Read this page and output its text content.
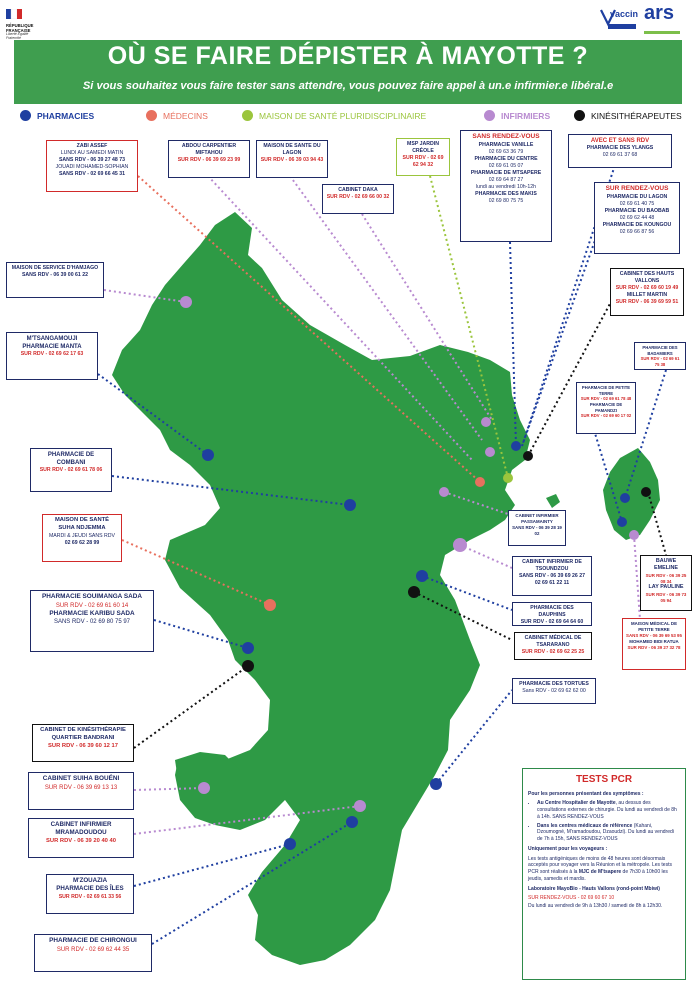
RÉPUBLIQUE FRANÇAISE
Liberté Égalité Fraternité
vaccin ars
OÙ SE FAIRE DÉPISTER À MAYOTTE ?
Si vous souhaitez vous faire tester sans attendre, vous pouvez faire appel à un.e infirmier.e libéral.e
PHARMACIES	MÉDECINS	MAISON DE SANTÉ PLURIDISCIPLINAIRE	INFIRMIERS	KINÉSITHÉRAPEUTES
ZABI ASSEF
LUNDI AU SAMEDI MATIN
SANS RDV - 06 39 27 48 73
JOUADI MOHAMED-SOPHIAN
SANS RDV - 02 69 66 45 31
ABDOU CARPENTIER MIFTAHOU
SUR RDV - 06 39 69 23 99
MAISON DE SANTE DU LAGON
SUR RDV - 06 39 03 94 43
CABINET DAKA
SUR RDV - 02 69 66 00 32
MSP JARDIN CRÉOLE
SUR RDV - 02 69 62 94 32
SANS RENDEZ-VOUS
PHARMACIE VANILLE
02 69 63 36 79
PHARMACIE DU CENTRE
02 69 61 05 07
PHARMACIE DE MTSAPERE
02 69 64 87 27
lundi au vendredi 10h-12h
PHARMACIE DES MAKIS
02 69 80 75 75
AVEC ET SANS RDV
PHARMACIE DES YLANGS
02 69 61 37 68
SUR RENDEZ-VOUS
PHARMACIE DU LAGON
02 69 61 40 75
PHARMACIE DU BAOBAB
02 69 62 44 48
PHARMACIE DE KOUNGOU
02 69 66 87 56
CABINET DES HAUTS VALLONS
SUR RDV - 02 69 60 19 49
MILLET MARTIN
SUR RDV - 06 39 69 59 51
PHARMACIE DES BADAMIERS
SUR RDV - 02 69 61 75 38
PHARMACIE DE PETITE TERRE
SUR RDV - 02 69 61 78 48
PHARMACIE DE PAMANDZI
SUR RDV - 02 69 60 17 02
MAISON DE SERVICE D'HAMJAGO
SANS RDV - 06 39 00 61 22
M'TSANGAMOUJI
PHARMACIE MANTA
SUR RDV - 02 69 62 17 63
PHARMACIE DE COMBANI
SUR RDV - 02 69 61 78 06
MAISON DE SANTÉ SUHA NDJEMMA
MARDI & JEUDI SANS RDV
02 69 62 28 99
CABINET INFIRMIER PASSAMAINTY
SANS RDV - 06 39 28 19 02
CABINET INFIRMIER DE TSOUNDZOU
SANS RDV - 06 39 69 26 27
02 69 61 22 11
PHARMACIE SOUIMANGA SADA
SUR RDV - 02 69 61 60 14
PHARMACIE KARIBU SADA
SANS RDV - 02 69 80 75 97
PHARMACIE DES DAUPHINS
SUR RDV - 02 69 64 64 60
CABINET MÉDICAL DE TSARARANO
SUR RDV - 02 69 62 25 25
BAUWE EMELINE
SUR RDV - 06 39 25 08 34
LAY PAULINE
SUR RDV - 06 39 73 05 94
MAISON MÉDICAL DE PETITE TERRE
SANS RDV - 06 39 69 53 95
MOHAMED BIDI RATUA
SUR RDV - 06 39 27 32 78
PHARMACIE DES TORTUES
Sans RDV - 02 69 62 62 00
CABINET DE KINÉSITHÉRAPIE QUARTIER BANDRANI
SUR RDV - 06 39 60 12 17
CABINET SUIHA BOUÉNI
SUR RDV - 06 39 69 13 13
CABINET INFIRMIER MRAMADOUDOU
SUR RDV - 06 39 20 40 40
M'ZOUAZIA
PHARMACIE DES ÎLES
SUR RDV - 02 69 61 33 56
PHARMACIE DE CHIRONGUI
SUR RDV - 02 69 62 44 35
TESTS PCR

Pour les personnes présentant des symptômes :

• Au Centre Hospitalier de Mayotte, au dessus des consultations externes de chirurgie. Du lundi au vendredi de 8h à 14h. SANS RENDEZ-VOUS
• Dans les centres médicaux de référence (Kahani, Dzoumogné, M'ramadoudou, Dzaoudzi). Du lundi au vendredi de 7h à 15h, SANS RENDEZ-VOUS

Uniquement pour les voyageurs :

Les tests antigéniques de moins de 48 heures sont désormais acceptés pour voyager vers la Réunion et la métropole. Les tests PCR sont réalisés à la MJC de M'tsapere de 7h30 à 10h00 les jeudis, samedis et mardis.

Laboratoire MayoBio - Hauts Vallons (rond-point Mbiwi)

SUR RENDEZ-VOUS - 02 69 60 67 10

Du lundi au vendredi de 9h à 13h30 / samedi de 8h à 12h30.
